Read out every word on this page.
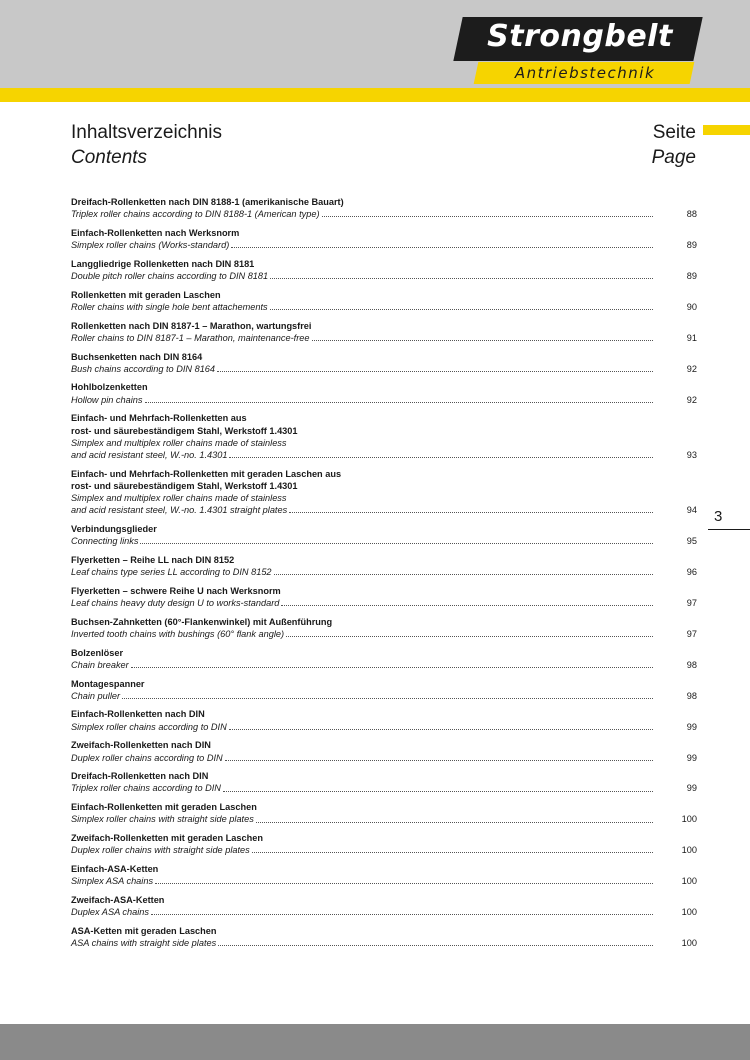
Strongbelt
Antriebstechnik
Inhaltsverzeichnis
Contents
Seite
Page
Dreifach-Rollenketten nach DIN 8188-1 (amerikanische Bauart)
Triplex roller chains according to DIN 8188-1 (American type)	88
Einfach-Rollenketten nach Werksnorm
Simplex roller chains (Works-standard)	89
Langgliedrige Rollenketten nach DIN 8181
Double pitch roller chains according to DIN 8181	89
Rollenketten mit geraden Laschen
Roller chains with single hole bent attachements	90
Rollenketten nach DIN 8187-1 – Marathon, wartungsfrei
Roller chains to DIN 8187-1 – Marathon, maintenance-free	91
Buchsenketten nach DIN 8164
Bush chains according to DIN 8164	92
Hohlbolzenketten
Hollow pin chains	92
Einfach- und Mehrfach-Rollenketten aus
rost- und säurebeständigem Stahl, Werkstoff 1.4301
Simplex and multiplex roller chains made of stainless
and acid resistant steel, W.-no. 1.4301	93
Einfach- und Mehrfach-Rollenketten mit geraden Laschen aus
rost- und säurebeständigem Stahl, Werkstoff 1.4301
Simplex and multiplex roller chains made of stainless
and acid resistant steel, W.-no. 1.4301 straight plates	94
Verbindungsglieder
Connecting links	95
Flyerketten – Reihe LL nach DIN 8152
Leaf chains type series LL according to DIN 8152	96
Flyerketten – schwere Reihe U nach Werksnorm
Leaf chains heavy duty design U to works-standard	97
Buchsen-Zahnketten (60°-Flankenwinkel) mit Außenführung
Inverted tooth chains with bushings (60° flank angle)	97
Bolzenlöser
Chain breaker	98
Montagespanner
Chain puller	98
Einfach-Rollenketten nach DIN
Simplex roller chains according to DIN	99
Zweifach-Rollenketten nach DIN
Duplex roller chains according to DIN	99
Dreifach-Rollenketten nach DIN
Triplex roller chains according to DIN	99
Einfach-Rollenketten mit geraden Laschen
Simplex roller chains with straight side plates	100
Zweifach-Rollenketten mit geraden Laschen
Duplex roller chains with straight side plates	100
Einfach-ASA-Ketten
Simplex ASA chains	100
Zweifach-ASA-Ketten
Duplex ASA chains	100
ASA-Ketten mit geraden Laschen
ASA chains with straight side plates	100
3
